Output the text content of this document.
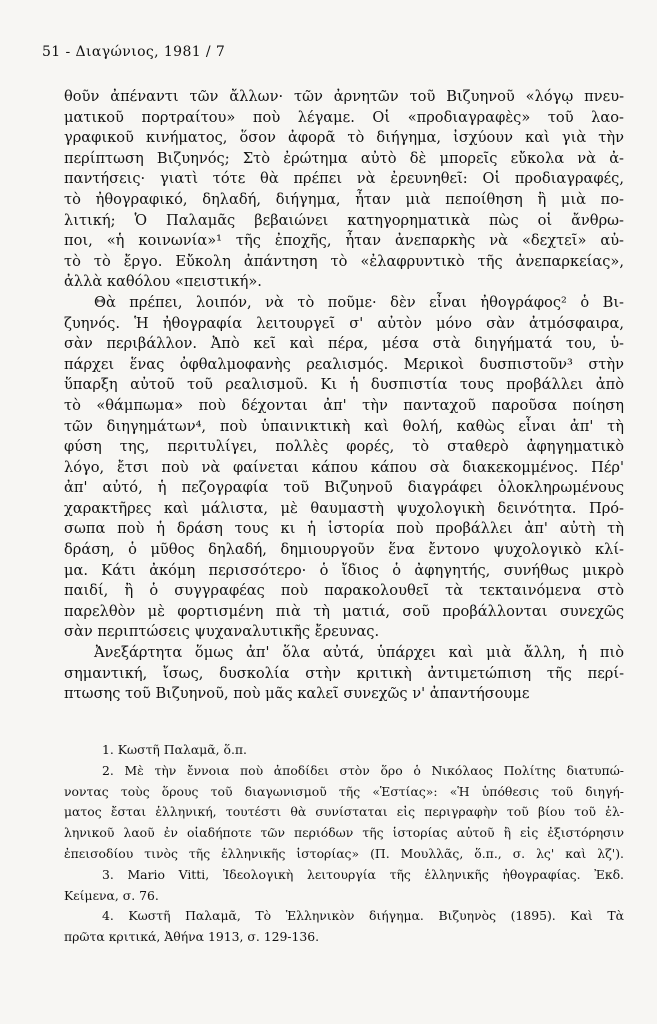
51 - Διαγώνιος, 1981 / 7
θοῦν ἀπέναντι τῶν ἄλλων· τῶν ἀρνητῶν τοῦ Βιζυηνοῦ «λόγῳ πνευ-
ματικοῦ πορτραίτου» ποὺ λέγαμε. Οἱ «προδιαγραφὲς» τοῦ λαο-
γραφικοῦ κινήματος, ὅσον ἀφορᾶ τὸ διήγημα, ἰσχύουν καὶ γιὰ τὴν
περίπτωση Βιζυηνός; Στὸ ἐρώτημα αὐτὸ δὲ μπορεῖς εὔκολα νὰ ἀ-
παντήσεις· γιατὶ τότε θὰ πρέπει νὰ ἐρευνηθεῖ: Οἱ προδιαγραφές,
τὸ ἠθογραφικό, δηλαδή, διήγημα, ἦταν μιὰ πεποίθηση ἢ μιὰ πο-
λιτική; Ὁ Παλαμᾶς βεβαιώνει κατηγορηματικὰ πὼς οἱ ἄνθρω-
ποι, «ἡ κοινωνία»¹ τῆς ἐποχῆς, ἦταν ἀνεπαρκὴς νὰ «δεχτεῖ» αὐ-
τὸ τὸ ἔργο. Εὔκολη ἀπάντηση τὸ «ἐλαφρυντικὸ τῆς ἀνεπαρκείας»,
ἀλλὰ καθόλου «πειστική».
Θὰ πρέπει, λοιπόν, νὰ τὸ ποῦμε· δὲν εἶναι ἠθογράφος² ὁ Βι-
ζυηνός. Ἡ ἠθογραφία λειτουργεῖ σ' αὐτὸν μόνο σὰν ἀτμόσφαιρα,
σὰν περιβάλλον. Ἀπὸ κεῖ καὶ πέρα, μέσα στὰ διηγήματά του, ὑ-
πάρχει ἕνας ὀφθαλμοφανὴς ρεαλισμός. Μερικοὶ δυσπιστοῦν³ στὴν
ὕπαρξη αὐτοῦ τοῦ ρεαλισμοῦ. Κι ἡ δυσπιστία τους προβάλλει ἀπὸ
τὸ «θάμπωμα» ποὺ δέχονται ἀπ' τὴν πανταχοῦ παροῦσα ποίηση
τῶν διηγημάτων⁴, ποὺ ὑπαινικτικὴ καὶ θολή, καθὼς εἶναι ἀπ' τὴ
φύση της, περιτυλίγει, πολλὲς φορές, τὸ σταθερὸ ἀφηγηματικὸ
λόγο, ἔτσι ποὺ νὰ φαίνεται κάπου κάπου σὰ διακεκομμένος. Πέρ'
ἀπ' αὐτό, ἡ πεζογραφία τοῦ Βιζυηνοῦ διαγράφει ὁλοκληρωμένους
χαρακτῆρες καὶ μάλιστα, μὲ θαυμαστὴ ψυχολογικὴ δεινότητα. Πρό-
σωπα ποὺ ἡ δράση τους κι ἡ ἱστορία ποὺ προβάλλει ἀπ' αὐτὴ τὴ
δράση, ὁ μῦθος δηλαδή, δημιουργοῦν ἕνα ἔντονο ψυχολογικὸ κλί-
μα. Κάτι ἀκόμη περισσότερο· ὁ ἴδιος ὁ ἀφηγητής, συνήθως μικρὸ
παιδί, ἢ ὁ συγγραφέας ποὺ παρακολουθεῖ τὰ τεκταινόμενα στὸ
παρελθὸν μὲ φορτισμένη πιὰ τὴ ματιά, σοῦ προβάλλονται συνεχῶς
σὰν περιπτώσεις ψυχαναλυτικῆς ἔρευνας.
Ἀνεξάρτητα ὅμως ἀπ' ὅλα αὐτά, ὑπάρχει καὶ μιὰ ἄλλη, ἡ πιὸ
σημαντική, ἴσως, δυσκολία στὴν κριτικὴ ἀντιμετώπιση τῆς περί-
πτωσης τοῦ Βιζυηνοῦ, ποὺ μᾶς καλεῖ συνεχῶς ν' ἀπαντήσουμε
1. Κωστῆ Παλαμᾶ, ὅ.π.
2. Μὲ τὴν ἔννοια ποὺ ἀποδίδει στὸν ὅρο ὁ Νικόλαος Πολίτης διατυπώ-
νοντας τοὺς ὅρους τοῦ διαγωνισμοῦ τῆς «Ἑστίας»: «Ἡ ὑπόθεσις τοῦ διηγή-
ματος ἔσται ἑλληνική, τουτέστι θὰ συνίσταται εἰς περιγραφὴν τοῦ βίου τοῦ ἑλ-
ληνικοῦ λαοῦ ἐν οἱαδήποτε τῶν περιόδων τῆς ἱστορίας αὐτοῦ ἢ εἰς ἐξιστόρησιν
ἐπεισοδίου τινὸς τῆς ἑλληνικῆς ἱστορίας» (Π. Μουλλᾶς, ὅ.π., σ. λς' καὶ λζ').
3. Mario Vitti, Ἰδεολογικὴ λειτουργία τῆς ἑλληνικῆς ἠθογραφίας. Ἐκδ.
Κείμενα, σ. 76.
4. Κωστῆ Παλαμᾶ, Τὸ Ἑλληνικὸν διήγημα. Βιζυηνὸς (1895). Καὶ Τὰ
πρῶτα κριτικά, Ἀθήνα 1913, σ. 129-136.
